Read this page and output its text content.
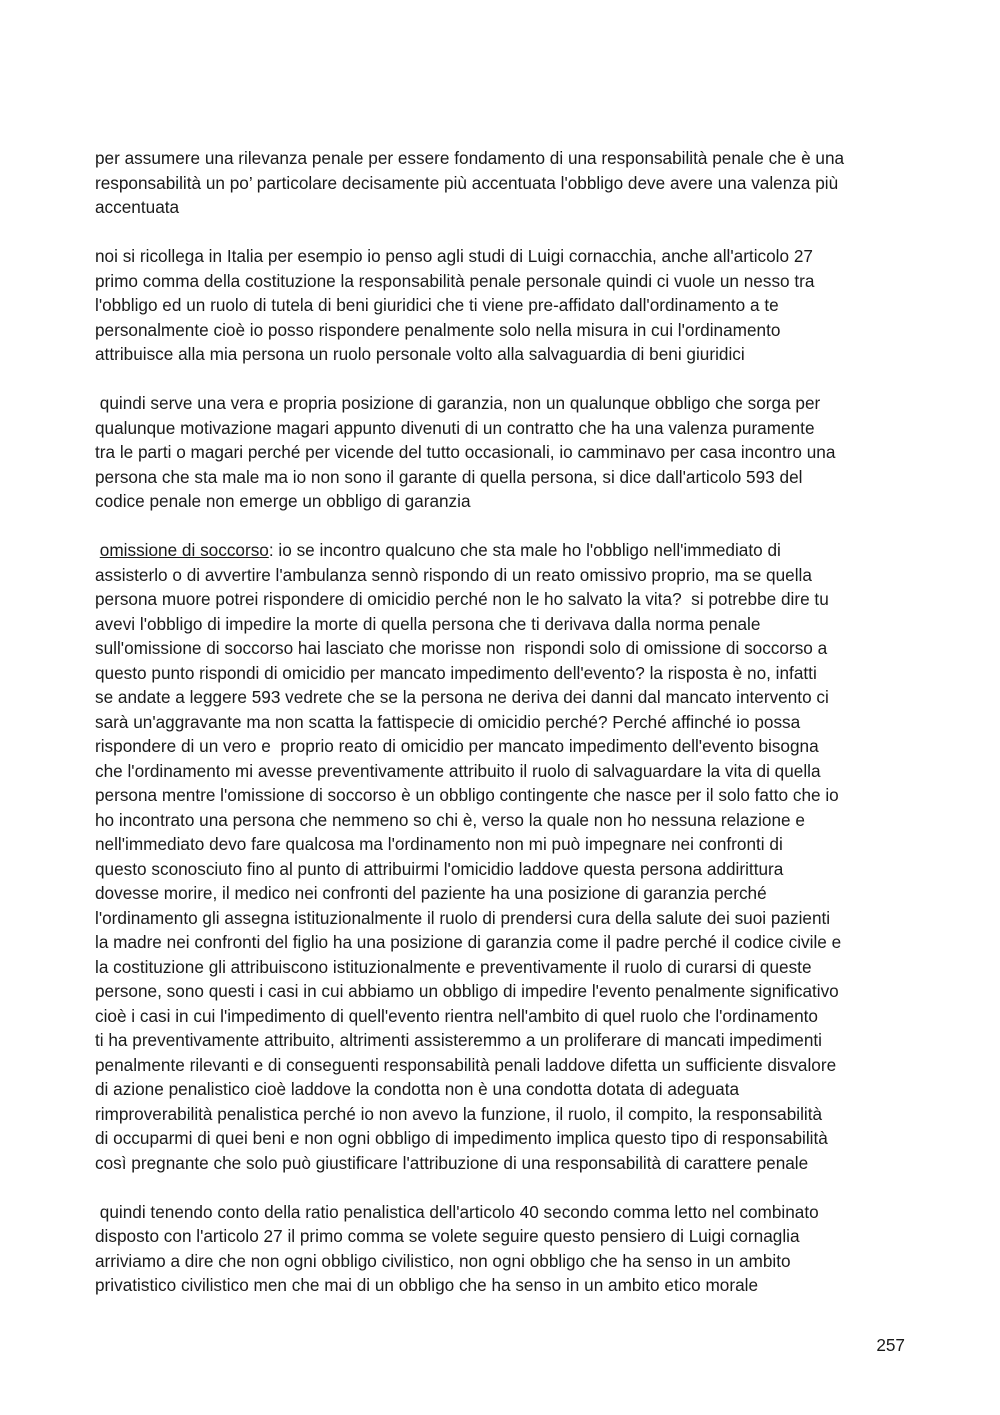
per assumere una rilevanza penale per essere fondamento di una responsabilità penale che è una
responsabilità un po’ particolare decisamente più accentuata l'obbligo deve avere una valenza più
accentuata

noi si ricollega in Italia per esempio io penso agli studi di Luigi cornacchia, anche all'articolo 27
primo comma della costituzione la responsabilità penale personale quindi ci vuole un nesso tra
l'obbligo ed un ruolo di tutela di beni giuridici che ti viene pre-affidato dall'ordinamento a te
personalmente cioè io posso rispondere penalmente solo nella misura in cui l'ordinamento
attribuisce alla mia persona un ruolo personale volto alla salvaguardia di beni giuridici

quindi serve una vera e propria posizione di garanzia, non un qualunque obbligo che sorga per
qualunque motivazione magari appunto divenuti di un contratto che ha una valenza puramente
tra le parti o magari perché per vicende del tutto occasionali, io camminavo per casa incontro una
persona che sta male ma io non sono il garante di quella persona, si dice dall'articolo 593 del
codice penale non emerge un obbligo di garanzia

omissione di soccorso: io se incontro qualcuno che sta male ho l'obbligo nell'immediato di
assisterlo o di avvertire l'ambulanza sennò rispondo di un reato omissivo proprio, ma se quella
persona muore potrei rispondere di omicidio perché non le ho salvato la vita?  si potrebbe dire tu
avevi l'obbligo di impedire la morte di quella persona che ti derivava dalla norma penale
sull'omissione di soccorso hai lasciato che morisse non  rispondi solo di omissione di soccorso a
questo punto rispondi di omicidio per mancato impedimento dell'evento? la risposta è no, infatti
se andate a leggere 593 vedrete che se la persona ne deriva dei danni dal mancato intervento ci
sarà un'aggravante ma non scatta la fattispecie di omicidio perché? Perché affinché io possa
rispondere di un vero e  proprio reato di omicidio per mancato impedimento dell'evento bisogna
che l'ordinamento mi avesse preventivamente attribuito il ruolo di salvaguardare la vita di quella
persona mentre l'omissione di soccorso è un obbligo contingente che nasce per il solo fatto che io
ho incontrato una persona che nemmeno so chi è, verso la quale non ho nessuna relazione e
nell'immediato devo fare qualcosa ma l'ordinamento non mi può impegnare nei confronti di
questo sconosciuto fino al punto di attribuirmi l'omicidio laddove questa persona addirittura
dovesse morire, il medico nei confronti del paziente ha una posizione di garanzia perché
l'ordinamento gli assegna istituzionalmente il ruolo di prendersi cura della salute dei suoi pazienti
la madre nei confronti del figlio ha una posizione di garanzia come il padre perché il codice civile e
la costituzione gli attribuiscono istituzionalmente e preventivamente il ruolo di curarsi di queste
persone, sono questi i casi in cui abbiamo un obbligo di impedire l'evento penalmente significativo
cioè i casi in cui l'impedimento di quell'evento rientra nell'ambito di quel ruolo che l'ordinamento
ti ha preventivamente attribuito, altrimenti assisteremmo a un proliferare di mancati impedimenti
penalmente rilevanti e di conseguenti responsabilità penali laddove difetta un sufficiente disvalore
di azione penalistico cioè laddove la condotta non è una condotta dotata di adeguata
rimproverabilità penalistica perché io non avevo la funzione, il ruolo, il compito, la responsabilità
di occuparmi di quei beni e non ogni obbligo di impedimento implica questo tipo di responsabilità
così pregnante che solo può giustificare l'attribuzione di una responsabilità di carattere penale

quindi tenendo conto della ratio penalistica dell'articolo 40 secondo comma letto nel combinato
disposto con l'articolo 27 il primo comma se volete seguire questo pensiero di Luigi cornaglia
arriviamo a dire che non ogni obbligo civilistico, non ogni obbligo che ha senso in un ambito
privatistico civilistico men che mai di un obbligo che ha senso in un ambito etico morale

257
